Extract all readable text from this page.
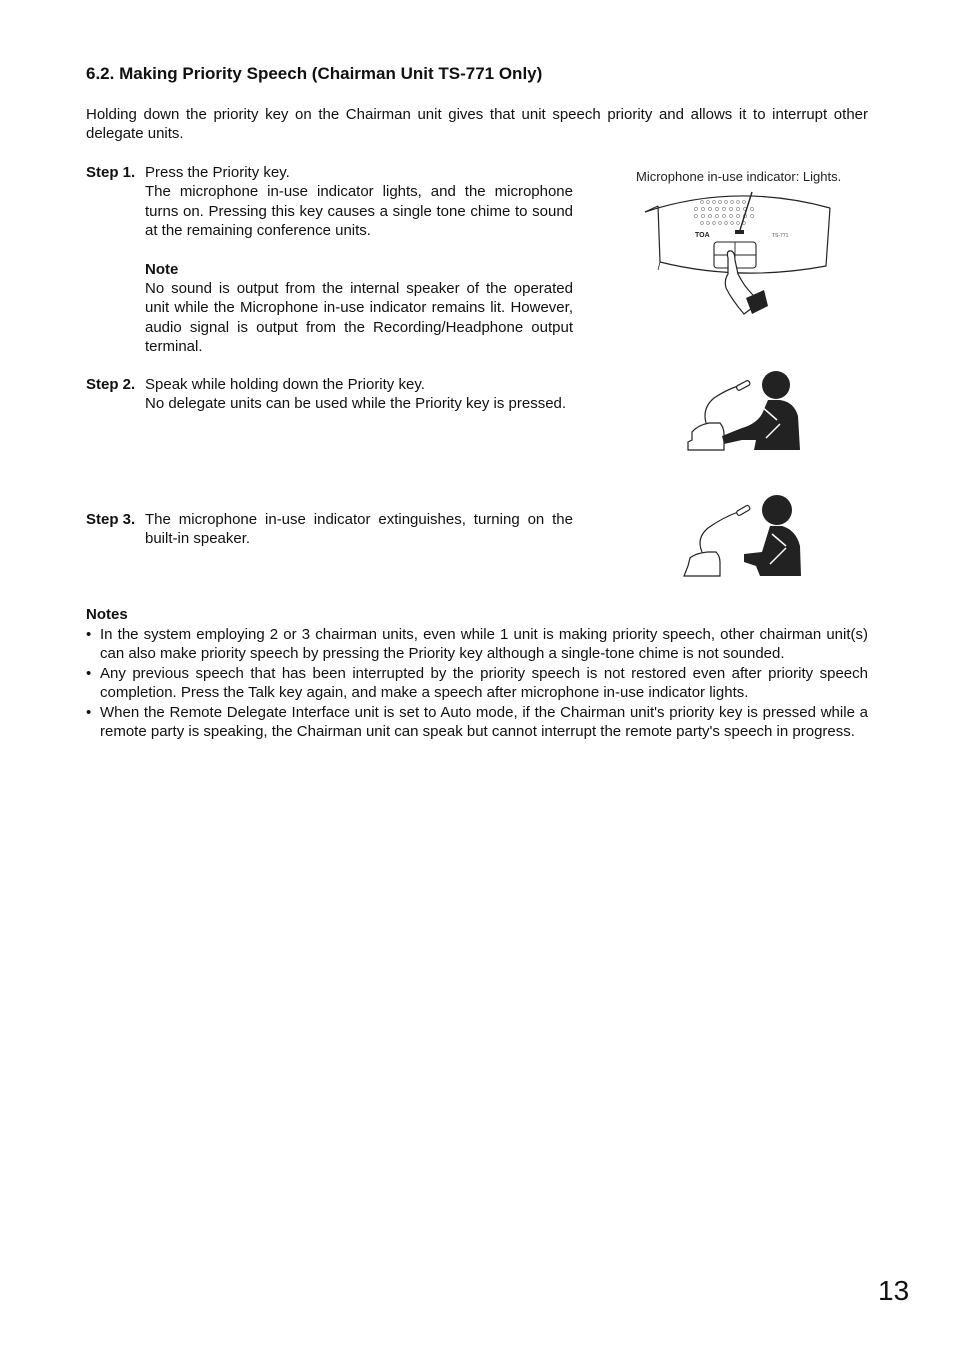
6.2. Making Priority Speech (Chairman Unit TS-771 Only)
Holding down the priority key on the Chairman unit gives that unit speech priority and allows it to interrupt other delegate units.
Step 1. Press the Priority key.
The microphone in-use indicator lights, and the microphone turns on. Pressing this key causes a single tone chime to sound at the remaining conference units.
Note
No sound is output from the internal speaker of the operated unit while the Microphone in-use indicator remains lit. However, audio signal is output from the Recording/Headphone output terminal.
Step 2. Speak while holding down the Priority key.
No delegate units can be used while the Priority key is pressed.
Step 3. The microphone in-use indicator extinguishes, turning on the built-in speaker.
Microphone in-use indicator: Lights.
TOA	TS-771
Notes
• In the system employing 2 or 3 chairman units, even while 1 unit is making priority speech, other chairman unit(s) can also make priority speech by pressing the Priority key although a single-tone chime is not sounded.
• Any previous speech that has been interrupted by the priority speech is not restored even after priority speech completion. Press the Talk key again, and make a speech after microphone in-use indicator lights.
• When the Remote Delegate Interface unit is set to Auto mode, if the Chairman unit's priority key is pressed while a remote party is speaking, the Chairman unit can speak but cannot interrupt the remote party's speech in progress.
13
